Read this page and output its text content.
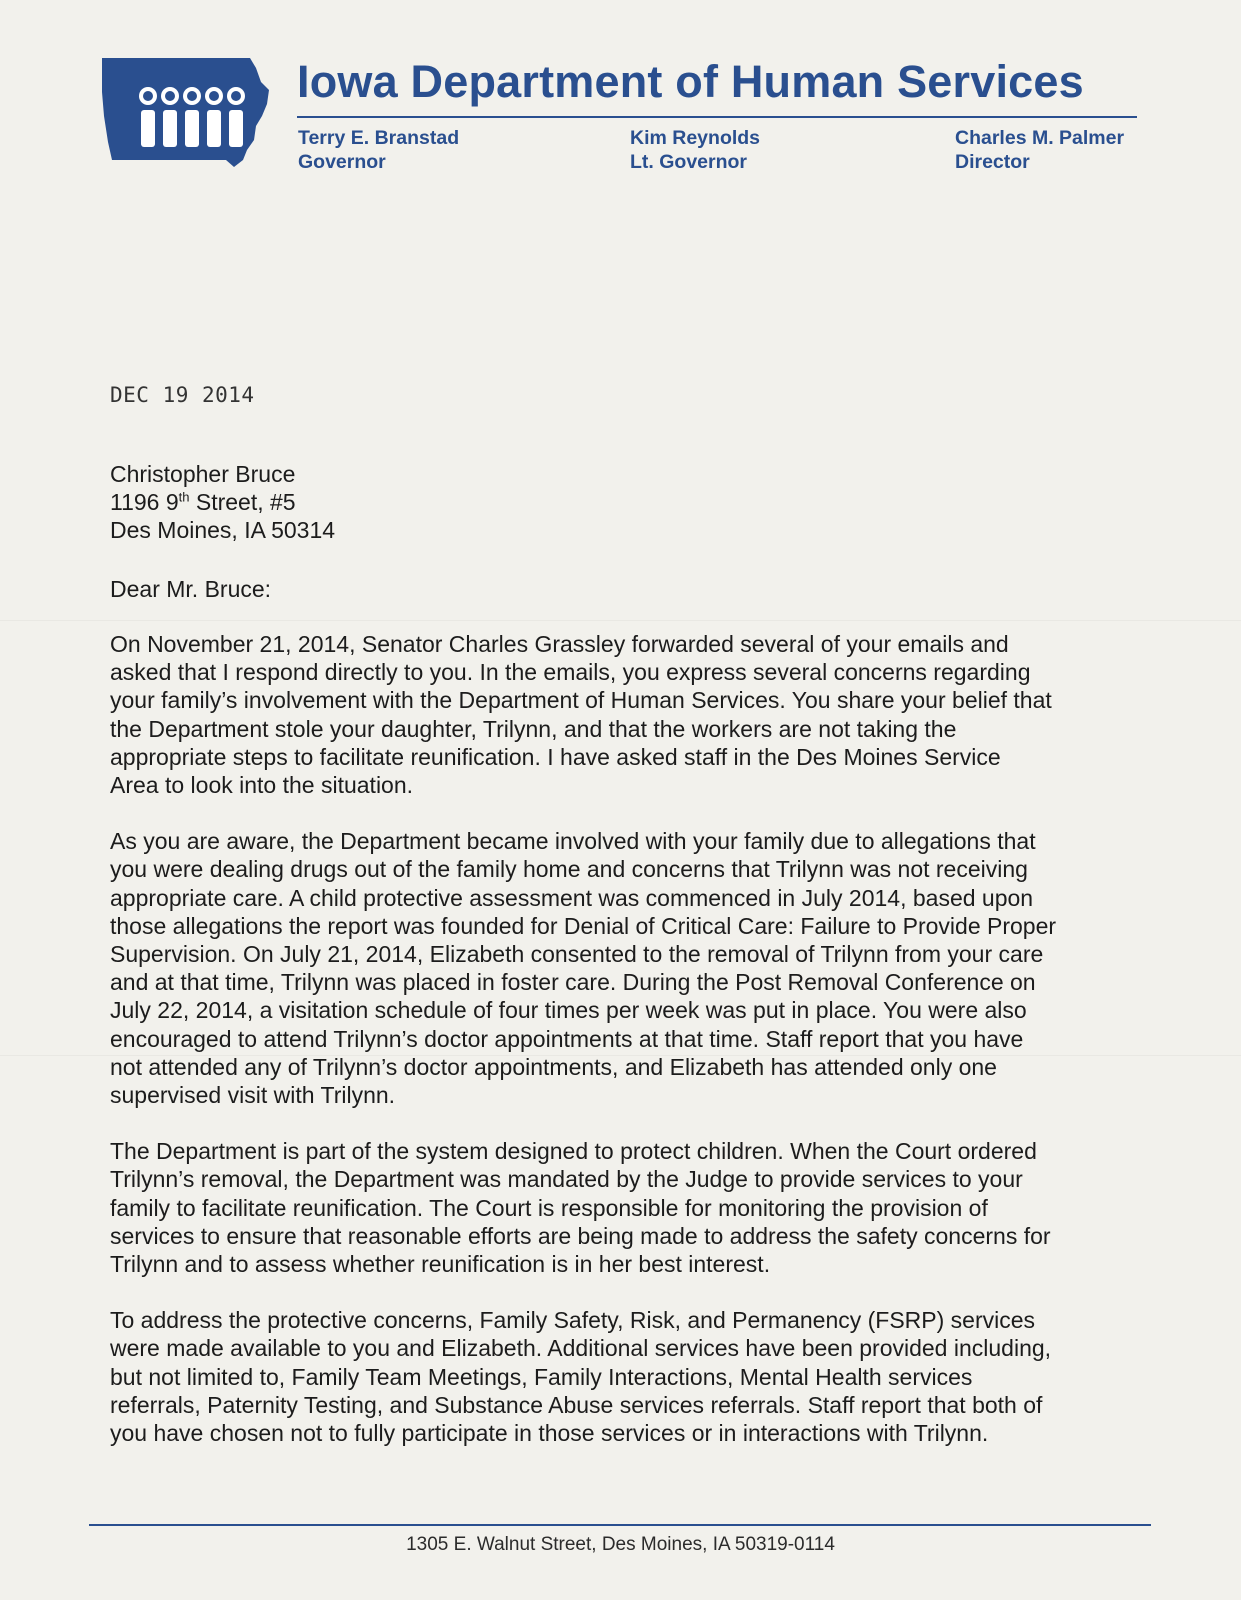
Iowa Department of Human Services
Terry E. Branstad
Governor
Kim Reynolds
Lt. Governor
Charles M. Palmer
Director
DEC 19 2014
Christopher Bruce
1196 9th Street, #5
Des Moines, IA 50314
Dear Mr. Bruce:
On November 21, 2014, Senator Charles Grassley forwarded several of your emails and
asked that I respond directly to you. In the emails, you express several concerns regarding
your family’s involvement with the Department of Human Services. You share your belief that
the Department stole your daughter, Trilynn, and that the workers are not taking the
appropriate steps to facilitate reunification. I have asked staff in the Des Moines Service
Area to look into the situation.
As you are aware, the Department became involved with your family due to allegations that
you were dealing drugs out of the family home and concerns that Trilynn was not receiving
appropriate care. A child protective assessment was commenced in July 2014, based upon
those allegations the report was founded for Denial of Critical Care: Failure to Provide Proper
Supervision. On July 21, 2014, Elizabeth consented to the removal of Trilynn from your care
and at that time, Trilynn was placed in foster care. During the Post Removal Conference on
July 22, 2014, a visitation schedule of four times per week was put in place. You were also
encouraged to attend Trilynn’s doctor appointments at that time. Staff report that you have
not attended any of Trilynn’s doctor appointments, and Elizabeth has attended only one
supervised visit with Trilynn.
The Department is part of the system designed to protect children. When the Court ordered
Trilynn’s removal, the Department was mandated by the Judge to provide services to your
family to facilitate reunification. The Court is responsible for monitoring the provision of
services to ensure that reasonable efforts are being made to address the safety concerns for
Trilynn and to assess whether reunification is in her best interest.
To address the protective concerns, Family Safety, Risk, and Permanency (FSRP) services
were made available to you and Elizabeth. Additional services have been provided including,
but not limited to, Family Team Meetings, Family Interactions, Mental Health services
referrals, Paternity Testing, and Substance Abuse services referrals. Staff report that both of
you have chosen not to fully participate in those services or in interactions with Trilynn.
1305 E. Walnut Street, Des Moines, IA 50319-0114
